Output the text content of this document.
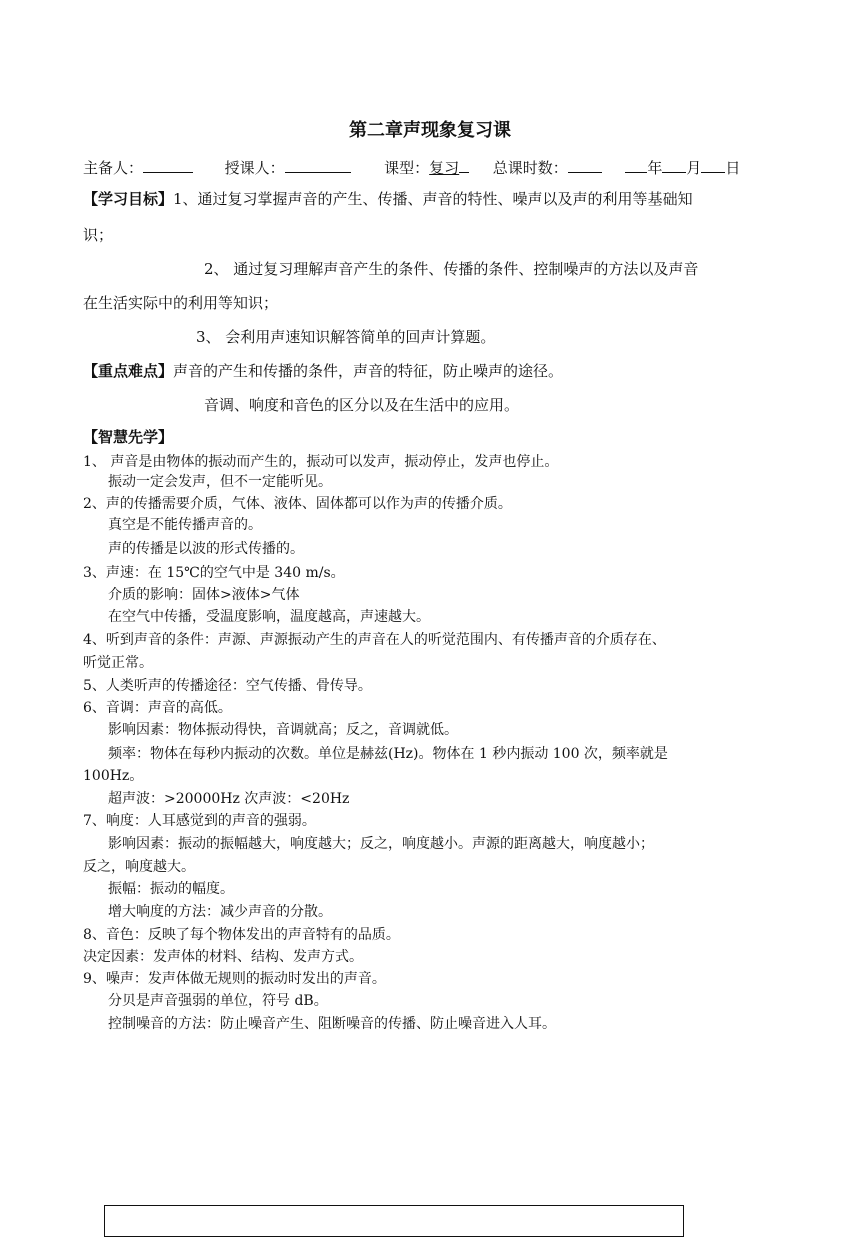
第二章声现象复习课
主备人：	授课人：	课型：复习 总课时数：	年 月 日
【学习目标】1、通过复习掌握声音的产生、传播、声音的特性、噪声以及声的利用等基础知
识；
2、 通过复习理解声音产生的条件、传播的条件、控制噪声的方法以及声音
在生活实际中的利用等知识；
3、 会利用声速知识解答简单的回声计算题。
【重点难点】声音的产生和传播的条件，声音的特征，防止噪声的途径。
音调、响度和音色的区分以及在生活中的应用。
【智慧先学】
1、 声音是由物体的振动而产生的，振动可以发声，振动停止，发声也停止。
振动一定会发声，但不一定能听见。
2、声的传播需要介质，气体、液体、固体都可以作为声的传播介质。
真空是不能传播声音的。
声的传播是以波的形式传播的。
3、声速：在 15℃的空气中是 340 m/s。
介质的影响：固体>液体>气体
在空气中传播，受温度影响，温度越高，声速越大。
4、听到声音的条件：声源、声源振动产生的声音在人的听觉范围内、有传播声音的介质存在、
听觉正常。
5、人类听声的传播途径：空气传播、骨传导。
6、音调：声音的高低。
影响因素：物体振动得快，音调就高；反之，音调就低。
频率：物体在每秒内振动的次数。单位是赫兹(Hz)。物体在 1 秒内振动 100 次，频率就是
100Hz。
超声波：>20000Hz 次声波：<20Hz
7、响度：人耳感觉到的声音的强弱。
影响因素：振动的振幅越大，响度越大；反之，响度越小。声源的距离越大，响度越小；
反之，响度越大。
振幅：振动的幅度。
增大响度的方法：减少声音的分散。
8、音色：反映了每个物体发出的声音特有的品质。
决定因素：发声体的材料、结构、发声方式。
9、噪声：发声体做无规则的振动时发出的声音。
分贝是声音强弱的单位，符号 dB。
控制噪音的方法：防止噪音产生、阻断噪音的传播、防止噪音进入人耳。
